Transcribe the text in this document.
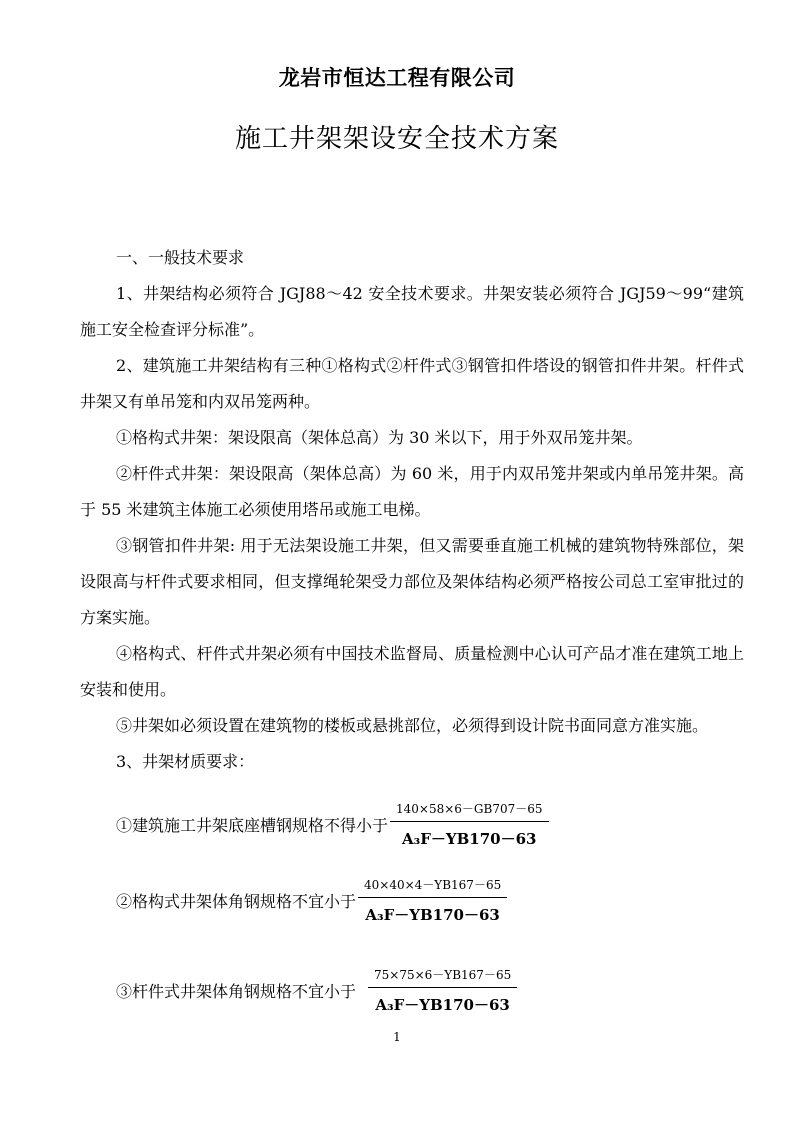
龙岩市恒达工程有限公司
施工井架架设安全技术方案
一、一般技术要求

1、井架结构必须符合 JGJ88～42 安全技术要求。井架安装必须符合 JGJ59～99“建筑施工安全检查评分标准”。

2、建筑施工井架结构有三种①格构式②杆件式③钢管扣件塔设的钢管扣件井架。杆件式井架又有单吊笼和内双吊笼两种。

①格构式井架：架设限高（架体总高）为 30 米以下，用于外双吊笼井架。

②杆件式井架：架设限高（架体总高）为 60 米，用于内双吊笼井架或内单吊笼井架。高于 55 米建筑主体施工必须使用塔吊或施工电梯。

③钢管扣件井架: 用于无法架设施工井架，但又需要垂直施工机械的建筑物特殊部位，架设限高与杆件式要求相同，但支撑绳轮架受力部位及架体结构必须严格按公司总工室审批过的方案实施。

④格构式、杆件式井架必须有中国技术监督局、质量检测中心认可产品才准在建筑工地上安装和使用。

⑤井架如必须设置在建筑物的楼板或悬挑部位，必须得到设计院书面同意方准实施。

3、井架材质要求：

①建筑施工井架底座槽钢规格不得小于 $\frac{140\times 58\times 6-GB707-65}{\text{A₃F－YB170－63}}$
②格构式井架体角钢规格不宜小于 $\frac{40\times 40\times 4-YB167-65}{\text{A₃F－YB170－63}}$
③杆件式井架体角钢规格不宜小于 $\frac{75\times 75\times 6-YB167-65}{\text{A₃F－YB170－63}}$
1
